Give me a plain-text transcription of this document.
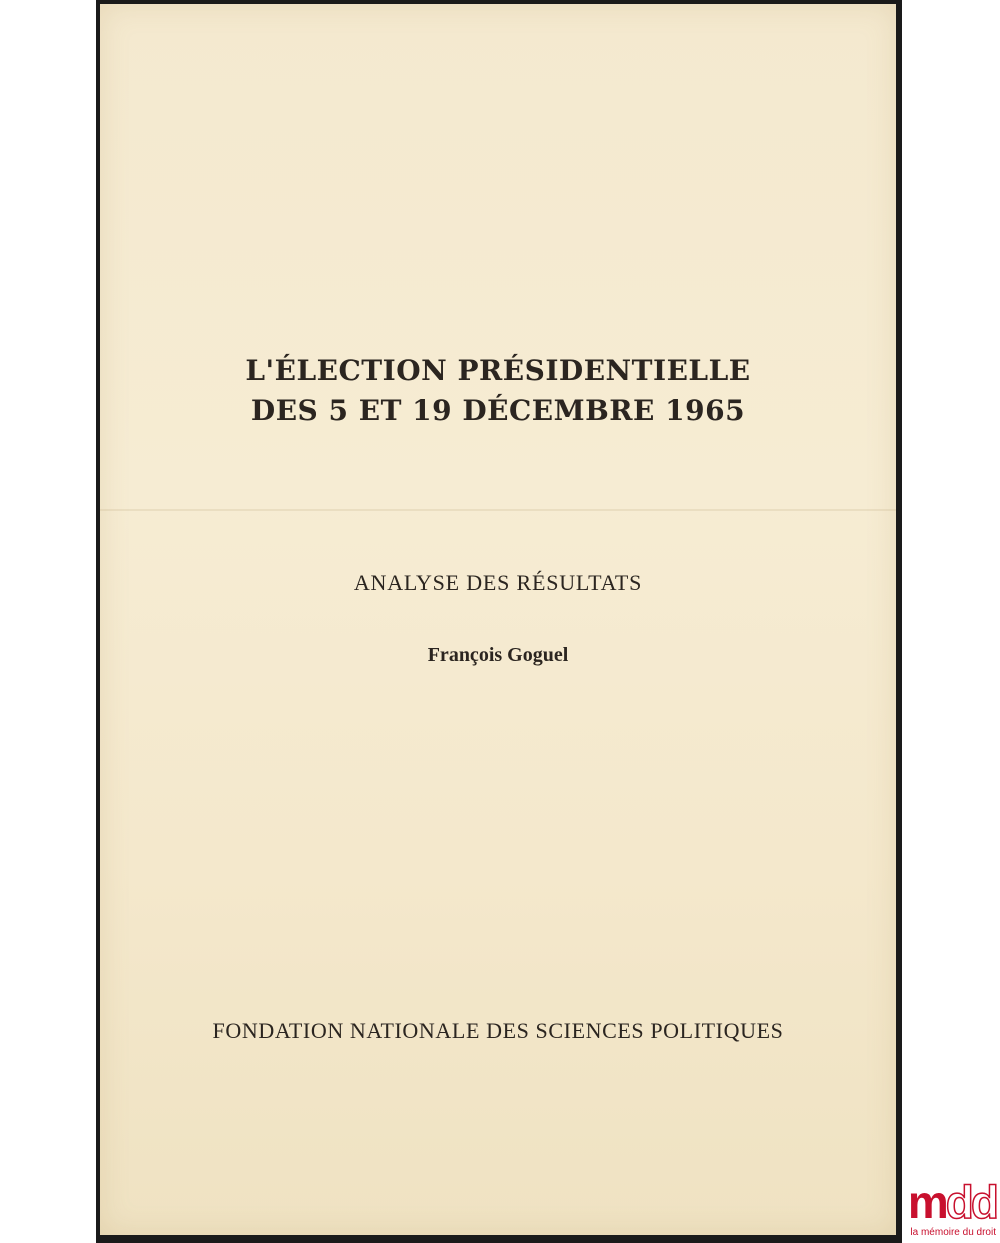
L'ÉLECTION PRÉSIDENTIELLE
DES 5 ET 19 DÉCEMBRE 1965
ANALYSE DES RÉSULTATS
François Goguel
FONDATION NATIONALE DES SCIENCES POLITIQUES
mdd
la mémoire du droit
